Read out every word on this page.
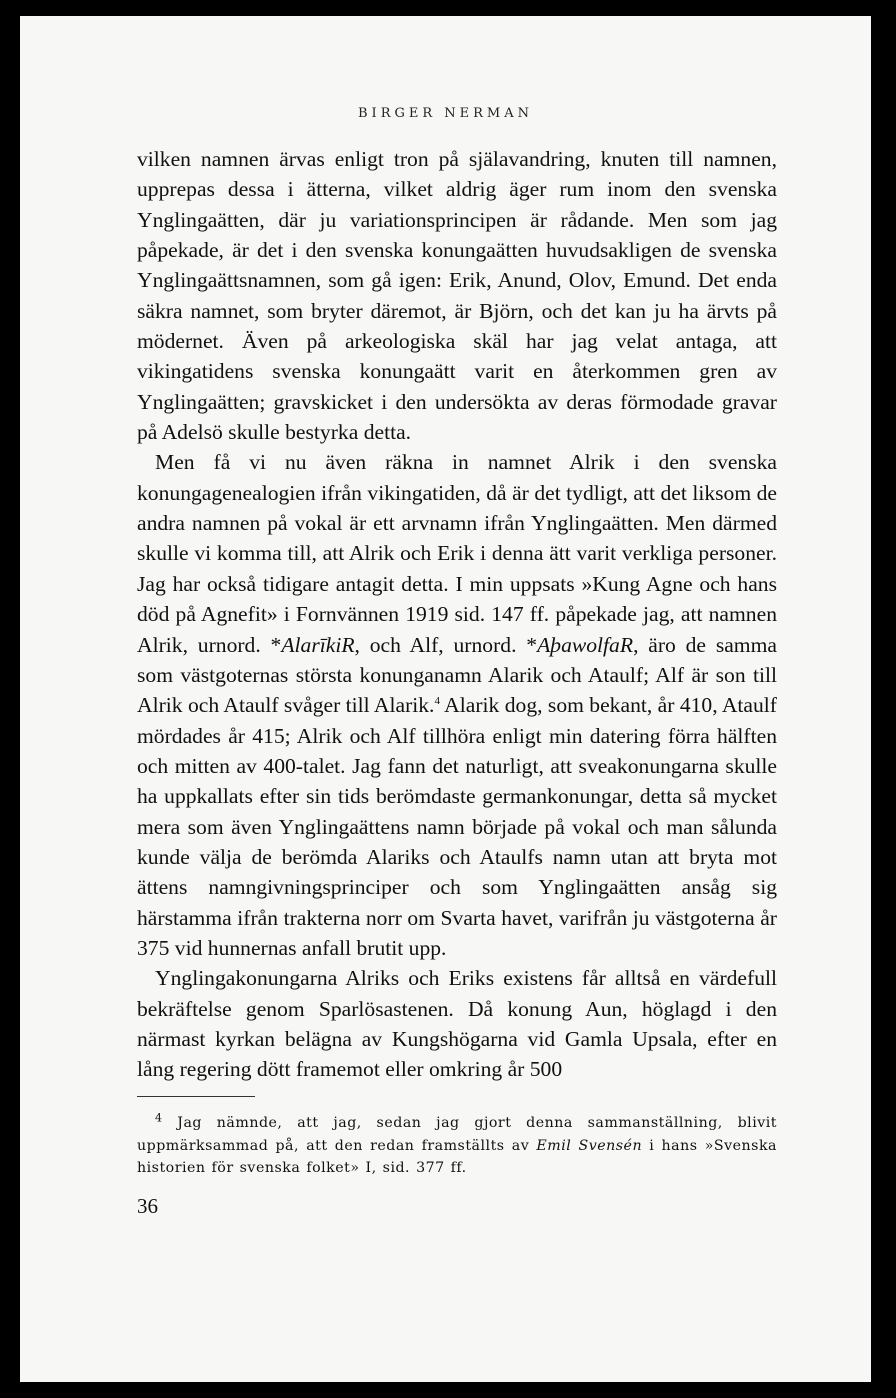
BIRGER NERMAN

vilken namnen ärvas enligt tron på själavandring, knuten till namnen, upprepas dessa i ätterna, vilket aldrig äger rum inom den svenska Ynglingaätten, där ju variationsprincipen är rådande. Men som jag påpekade, är det i den svenska konungaätten huvudsakligen de svenska Ynglingaättsnamnen, som gå igen: Erik, Anund, Olov, Emund. Det enda säkra namnet, som bryter däremot, är Björn, och det kan ju ha ärvts på mödernet. Även på arkeologiska skäl har jag velat antaga, att vikingatidens svenska konungaätt varit en återkommen gren av Ynglingaätten; gravskicket i den undersökta av deras förmodade gravar på Adelsö skulle bestyrka detta.

Men få vi nu även räkna in namnet Alrik i den svenska konungagenealogien ifrån vikingatiden, då är det tydligt, att det liksom de andra namnen på vokal är ett arvnamn ifrån Ynglingaätten. Men därmed skulle vi komma till, att Alrik och Erik i denna ätt varit verkliga personer. Jag har också tidigare antagit detta. I min uppsats »Kung Agne och hans död på Agnefit» i Fornvännen 1919 sid. 147 ff. påpekade jag, att namnen Alrik, urnord. *AlarīkiR, och Alf, urnord. *AþawolfaR, äro de samma som västgoternas största konunganamn Alarik och Ataulf; Alf är son till Alrik och Ataulf svåger till Alarik.$^4$ Alarik dog, som bekant, år 410, Ataulf mördades år 415; Alrik och Alf tillhöra enligt min datering förra hälften och mitten av 400-talet. Jag fann det naturligt, att sveakonungarna skulle ha uppkallats efter sin tids berömdaste germankonungar, detta så mycket mera som även Ynglingaättens namn började på vokal och man sålunda kunde välja de berömda Alariks och Ataulfs namn utan att bryta mot ättens namngivningsprinciper och som Ynglingaätten ansåg sig härstamma ifrån trakterna norr om Svarta havet, varifrån ju västgoterna år 375 vid hunnernas anfall brutit upp.

Ynglingakonungarna Alriks och Eriks existens får alltså en värdefull bekräftelse genom Sparlösastenen. Då konung Aun, höglagd i den närmast kyrkan belägna av Kungshögarna vid Gamla Upsala, efter en lång regering dött framemot eller omkring år 500

$^4$ Jag nämnde, att jag, sedan jag gjort denna sammanställning, blivit uppmärksammad på, att den redan framställts av Emil Svensén i hans »Svenska historien för svenska folket» I, sid. 377 ff.

36
